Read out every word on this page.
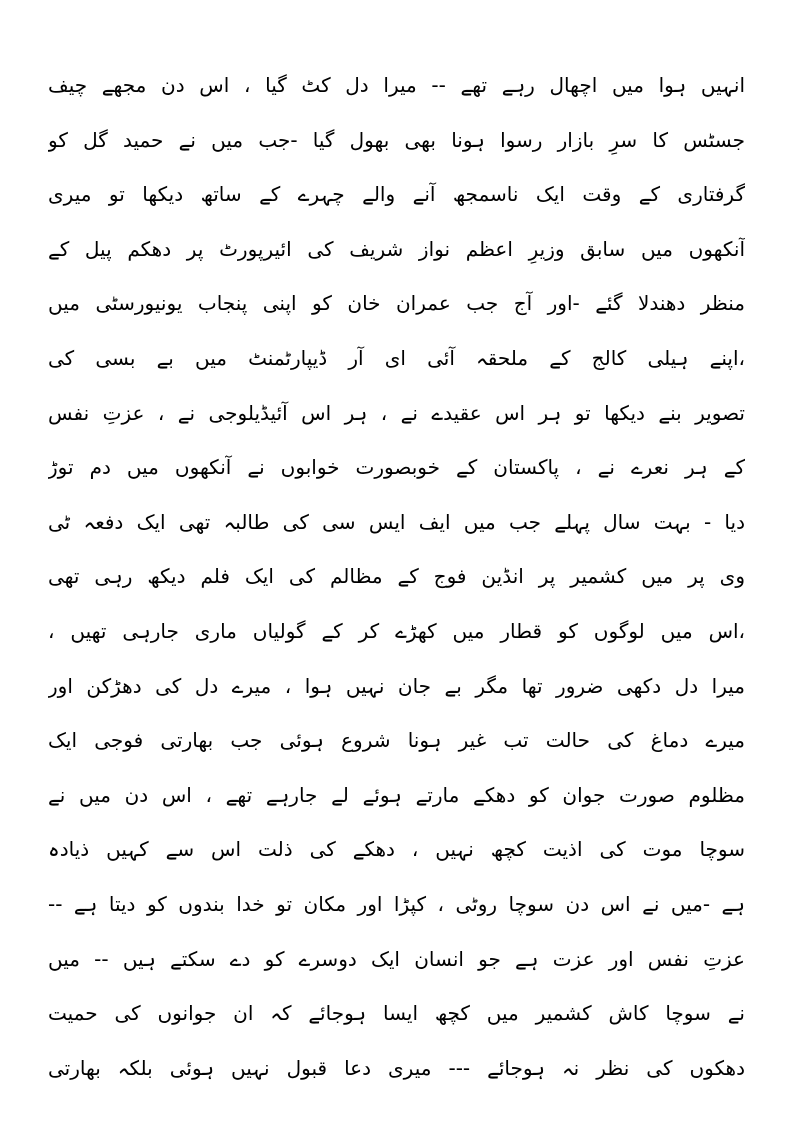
انہیں ہوا میں اچھال رہے تھے -- میرا دل کٹ گیا ، اس دن مجھے چیف
جسٹس کا سرِ بازار رسوا ہونا بھی بھول گیا -جب میں نے حمید گل کو
گرفتاری کے وقت ایک ناسمجھ آنے والے چہرے کے ساتھ دیکھا تو میری
آنکھوں میں سابق وزیرِ اعظم نواز شریف کی ائیرپورٹ پر دھکم پیل کے
منظر دھندلا گئے -اور آج جب عمران خان کو اپنی پنجاب یونیورسٹی میں
،اپنے ہیلی کالج کے ملحقہ آئی ای آر ڈیپارٹمنٹ میں بے بسی کی
تصویر بنے دیکھا تو ہر اس عقیدے نے ، ہر اس آئیڈیلوجی نے ، عزتِ نفس
کے ہر نعرے نے ، پاکستان کے خوبصورت خوابوں نے آنکھوں میں دم توڑ
دیا - بہت سال پہلے جب میں ایف ایس سی کی طالبہ تھی ایک دفعہ ٹی
وی پر میں کشمیر پر انڈین فوج کے مظالم کی ایک فلم دیکھ رہی تھی
،اس میں لوگوں کو قطار میں کھڑے کر کے گولیاں ماری جارہی تھیں ،
میرا دل دکھی ضرور تھا مگر بے جان نہیں ہوا ، میرے دل کی دھڑکن اور
میرے دماغ کی حالت تب غیر ہونا شروع ہوئی جب بھارتی فوجی ایک
مظلوم صورت جوان کو دھکے مارتے ہوئے لے جارہے تھے ، اس دن میں نے
سوچا موت کی اذیت کچھ نہیں ، دھکے کی ذلت اس سے کہیں ذیادہ
ہے -میں نے اس دن سوچا روٹی ، کپڑا اور مکان تو خدا بندوں کو دیتا ہے --
عزتِ نفس اور عزت ہے جو انسان ایک دوسرے کو دے سکتے ہیں -- میں
نے سوچا کاش کشمیر میں کچھ ایسا ہوجائے کہ ان جوانوں کی حمیت
دھکوں کی نظر نہ ہوجائے --- میری دعا قبول نہیں ہوئی بلکہ بھارتی
